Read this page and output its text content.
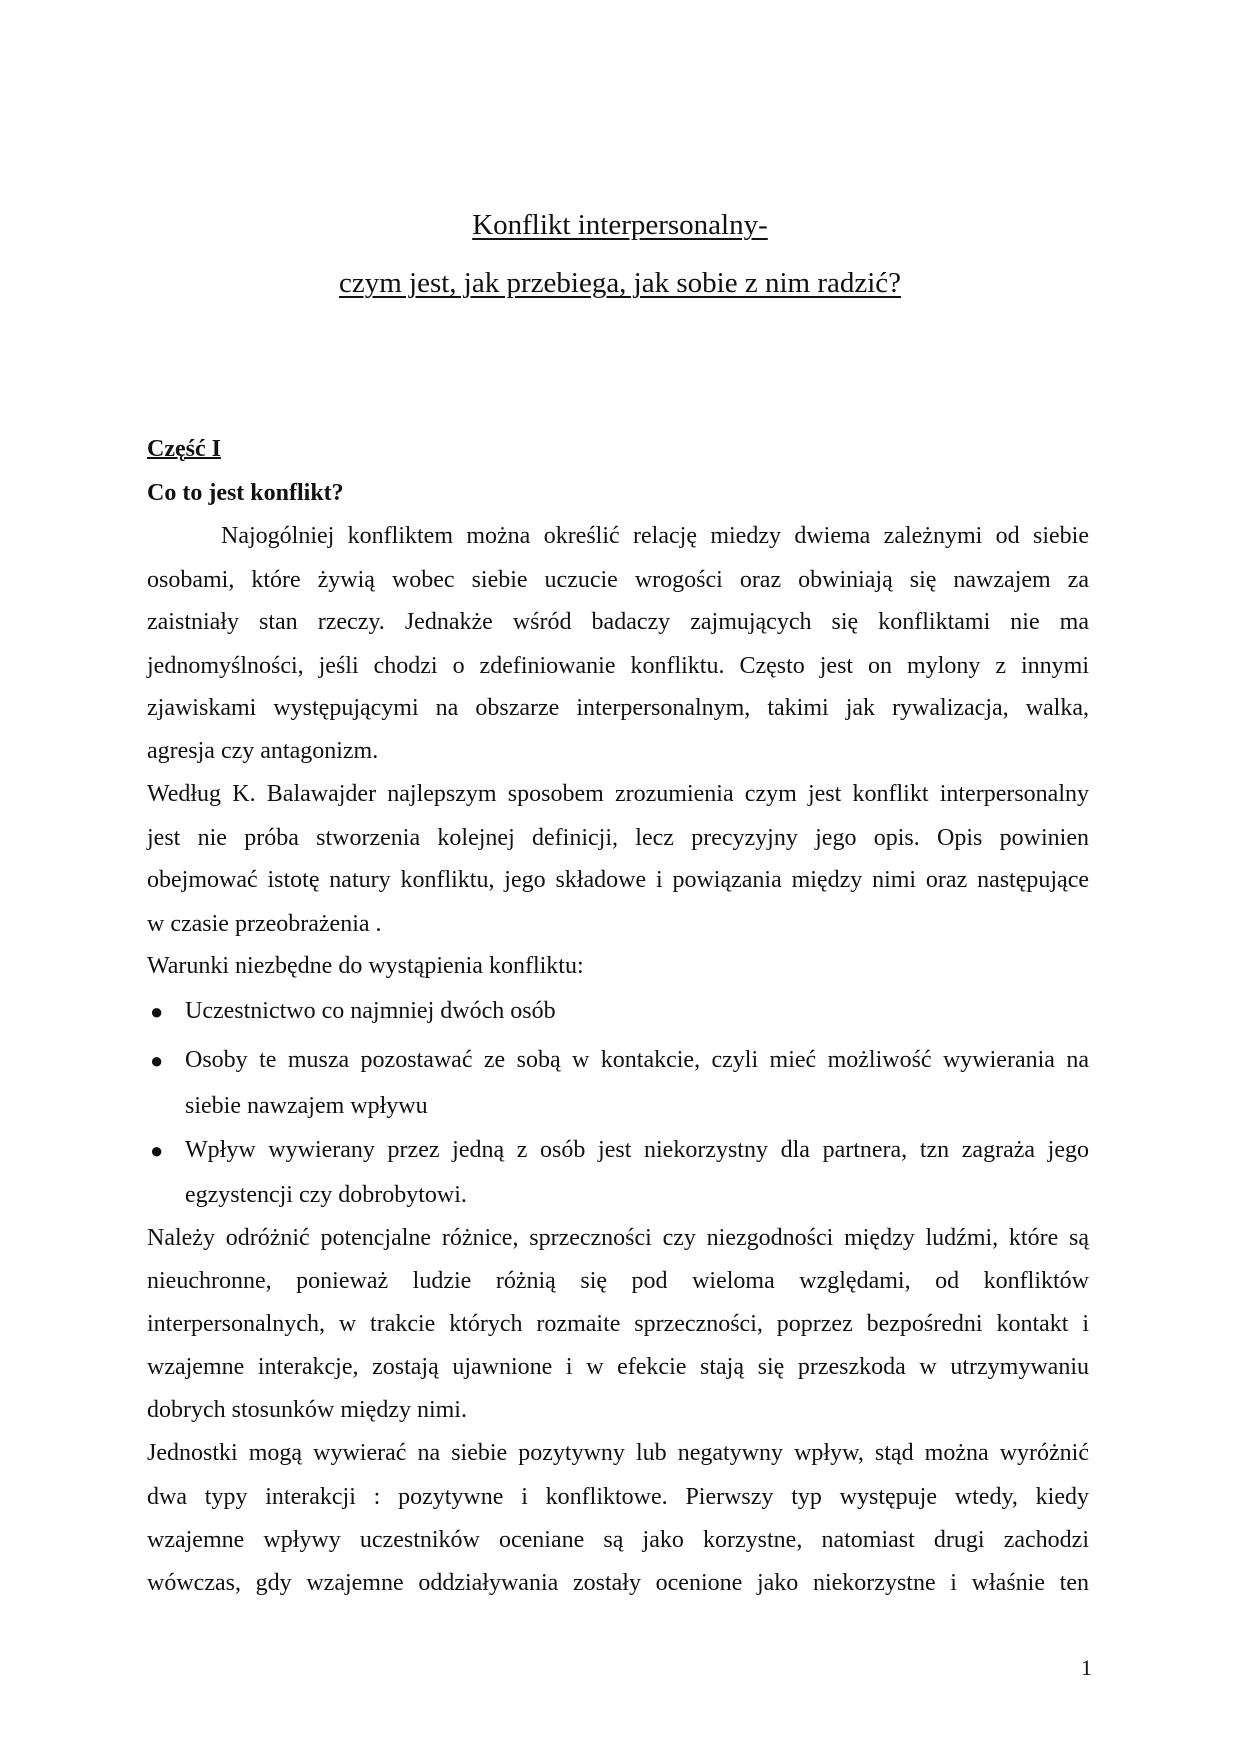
Konflikt interpersonalny-
czym jest, jak przebiega, jak sobie z nim radzić?
Część I
Co to jest konflikt?
Najogólniej konfliktem można określić relację miedzy dwiema zależnymi od siebie
osobami, które żywią wobec siebie uczucie wrogości oraz obwiniają się nawzajem za
zaistniały stan rzeczy. Jednakże wśród badaczy zajmujących się konfliktami nie ma
jednomyślności, jeśli chodzi o zdefiniowanie konfliktu. Często jest on mylony z innymi
zjawiskami występującymi na obszarze interpersonalnym, takimi jak rywalizacja, walka,
agresja czy antagonizm.
Według K. Balawajder najlepszym sposobem zrozumienia czym jest konflikt interpersonalny
jest nie próba stworzenia kolejnej definicji, lecz precyzyjny jego opis. Opis powinien
obejmować istotę natury konfliktu, jego składowe i powiązania między nimi oraz następujące
w czasie przeobrażenia .
Warunki niezbędne do wystąpienia konfliktu:
● Uczestnictwo co najmniej dwóch osób
● Osoby te musza pozostawać ze sobą w kontakcie, czyli mieć możliwość wywierania na
siebie nawzajem wpływu
● Wpływ wywierany przez jedną z osób jest niekorzystny dla partnera, tzn zagraża jego
egzystencji czy dobrobytowi.
Należy odróżnić potencjalne różnice, sprzeczności czy niezgodności między ludźmi, które są
nieuchronne, ponieważ ludzie różnią się pod wieloma względami, od konfliktów
interpersonalnych, w trakcie których rozmaite sprzeczności, poprzez bezpośredni kontakt i
wzajemne interakcje, zostają ujawnione i w efekcie stają się przeszkoda w utrzymywaniu
dobrych stosunków między nimi.
Jednostki mogą wywierać na siebie pozytywny lub negatywny wpływ, stąd można wyróżnić
dwa typy interakcji : pozytywne i konfliktowe. Pierwszy typ występuje wtedy, kiedy
wzajemne wpływy uczestników oceniane są jako korzystne, natomiast drugi zachodzi
wówczas, gdy wzajemne oddziaływania zostały ocenione jako niekorzystne i właśnie ten
1
